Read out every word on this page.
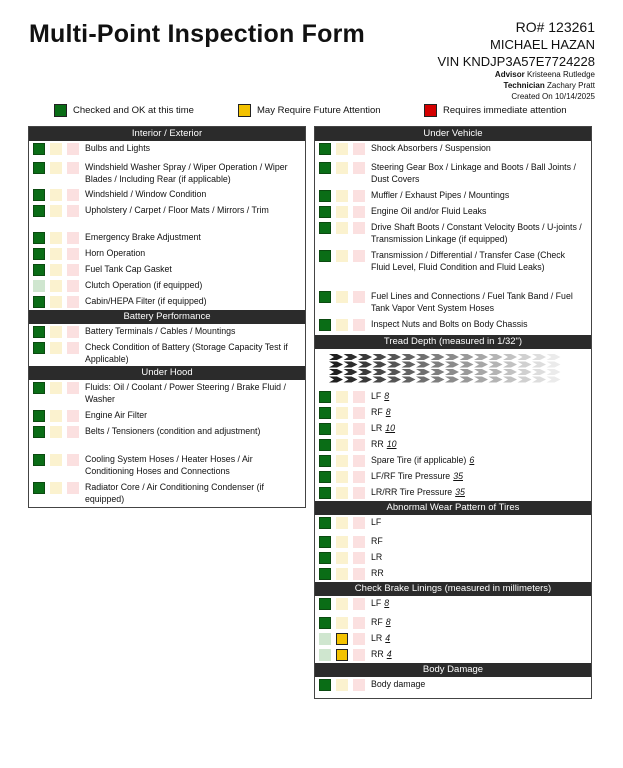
Multi-Point Inspection Form	RO# 123261
MICHAEL HAZAN
VIN KNDJP3A57E7724228
Advisor Kristeena Rutledge
Technician Zachary Pratt
Created On 10/14/2025
Checked and OK at this time	May Require Future Attention	Requires immediate attention
Interior / Exterior
Bulbs and Lights
Windshield Washer Spray / Wiper Operation / Wiper Blades / Including Rear (if applicable)
Windshield / Window Condition
Upholstery / Carpet / Floor Mats / Mirrors / Trim
Emergency Brake Adjustment
Horn Operation
Fuel Tank Cap Gasket
Clutch Operation (if equipped)
Cabin/HEPA Filter (if equipped)
Battery Performance
Battery Terminals / Cables / Mountings
Check Condition of Battery (Storage Capacity Test if Applicable)
Under Hood
Fluids: Oil / Coolant / Power Steering / Brake Fluid / Washer
Engine Air Filter
Belts / Tensioners (condition and adjustment)
Cooling System Hoses / Heater Hoses / Air Conditioning Hoses and Connections
Radiator Core / Air Conditioning Condenser (if equipped)
Under Vehicle
Shock Absorbers / Suspension
Steering Gear Box / Linkage and Boots / Ball Joints / Dust Covers
Muffler / Exhaust Pipes / Mountings
Engine Oil and/or Fluid Leaks
Drive Shaft Boots / Constant Velocity Boots / U-joints / Transmission Linkage (if equipped)
Transmission / Differential / Transfer Case (Check Fluid Level, Fluid Condition and Fluid Leaks)
Fuel Lines and Connections / Fuel Tank Band / Fuel Tank Vapor Vent System Hoses
Inspect Nuts and Bolts on Body Chassis
Tread Depth (measured in 1/32")
LF 8
RF 8
LR 10
RR 10
Spare Tire (if applicable) 6
LF/RF Tire Pressure 35
LR/RR Tire Pressure 35
Abnormal Wear Pattern of Tires
LF
RF
LR
RR
Check Brake Linings (measured in millimeters)
LF 8
RF 8
LR 4
RR 4
Body Damage
Body damage
